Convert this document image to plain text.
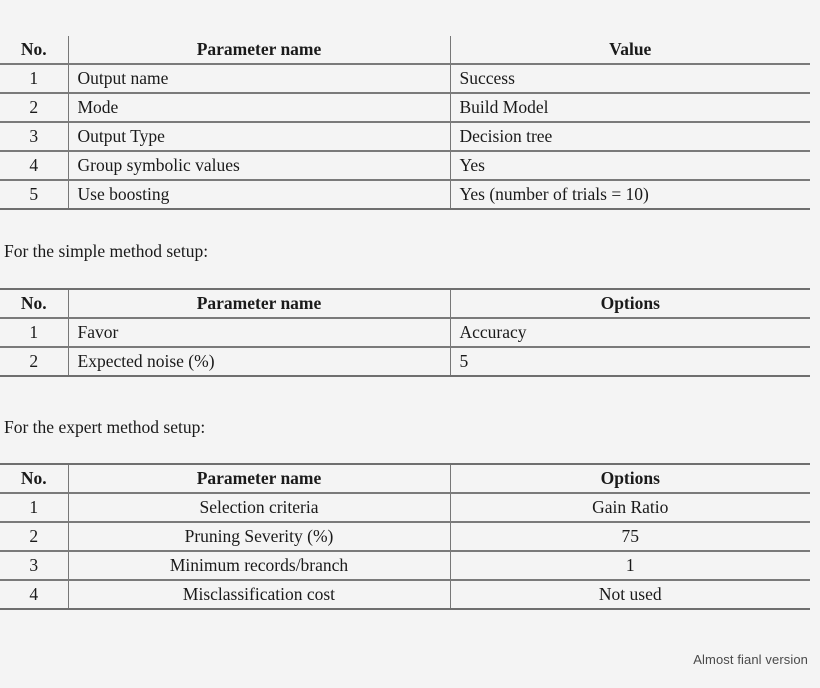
No.	Parameter name	Value
1	Output name	Success
2	Mode	Build Model
3	Output Type	Decision tree
4	Group symbolic values	Yes
5	Use boosting	Yes (number of trials = 10)
For the simple method setup:
No.	Parameter name	Options
1	Favor	Accuracy
2	Expected noise (%)	5
For the expert method setup:
No.	Parameter name	Options
1	Selection criteria	Gain Ratio
2	Pruning Severity (%)	75
3	Minimum records/branch	1
4	Misclassification cost	Not used
Almost fianl version
